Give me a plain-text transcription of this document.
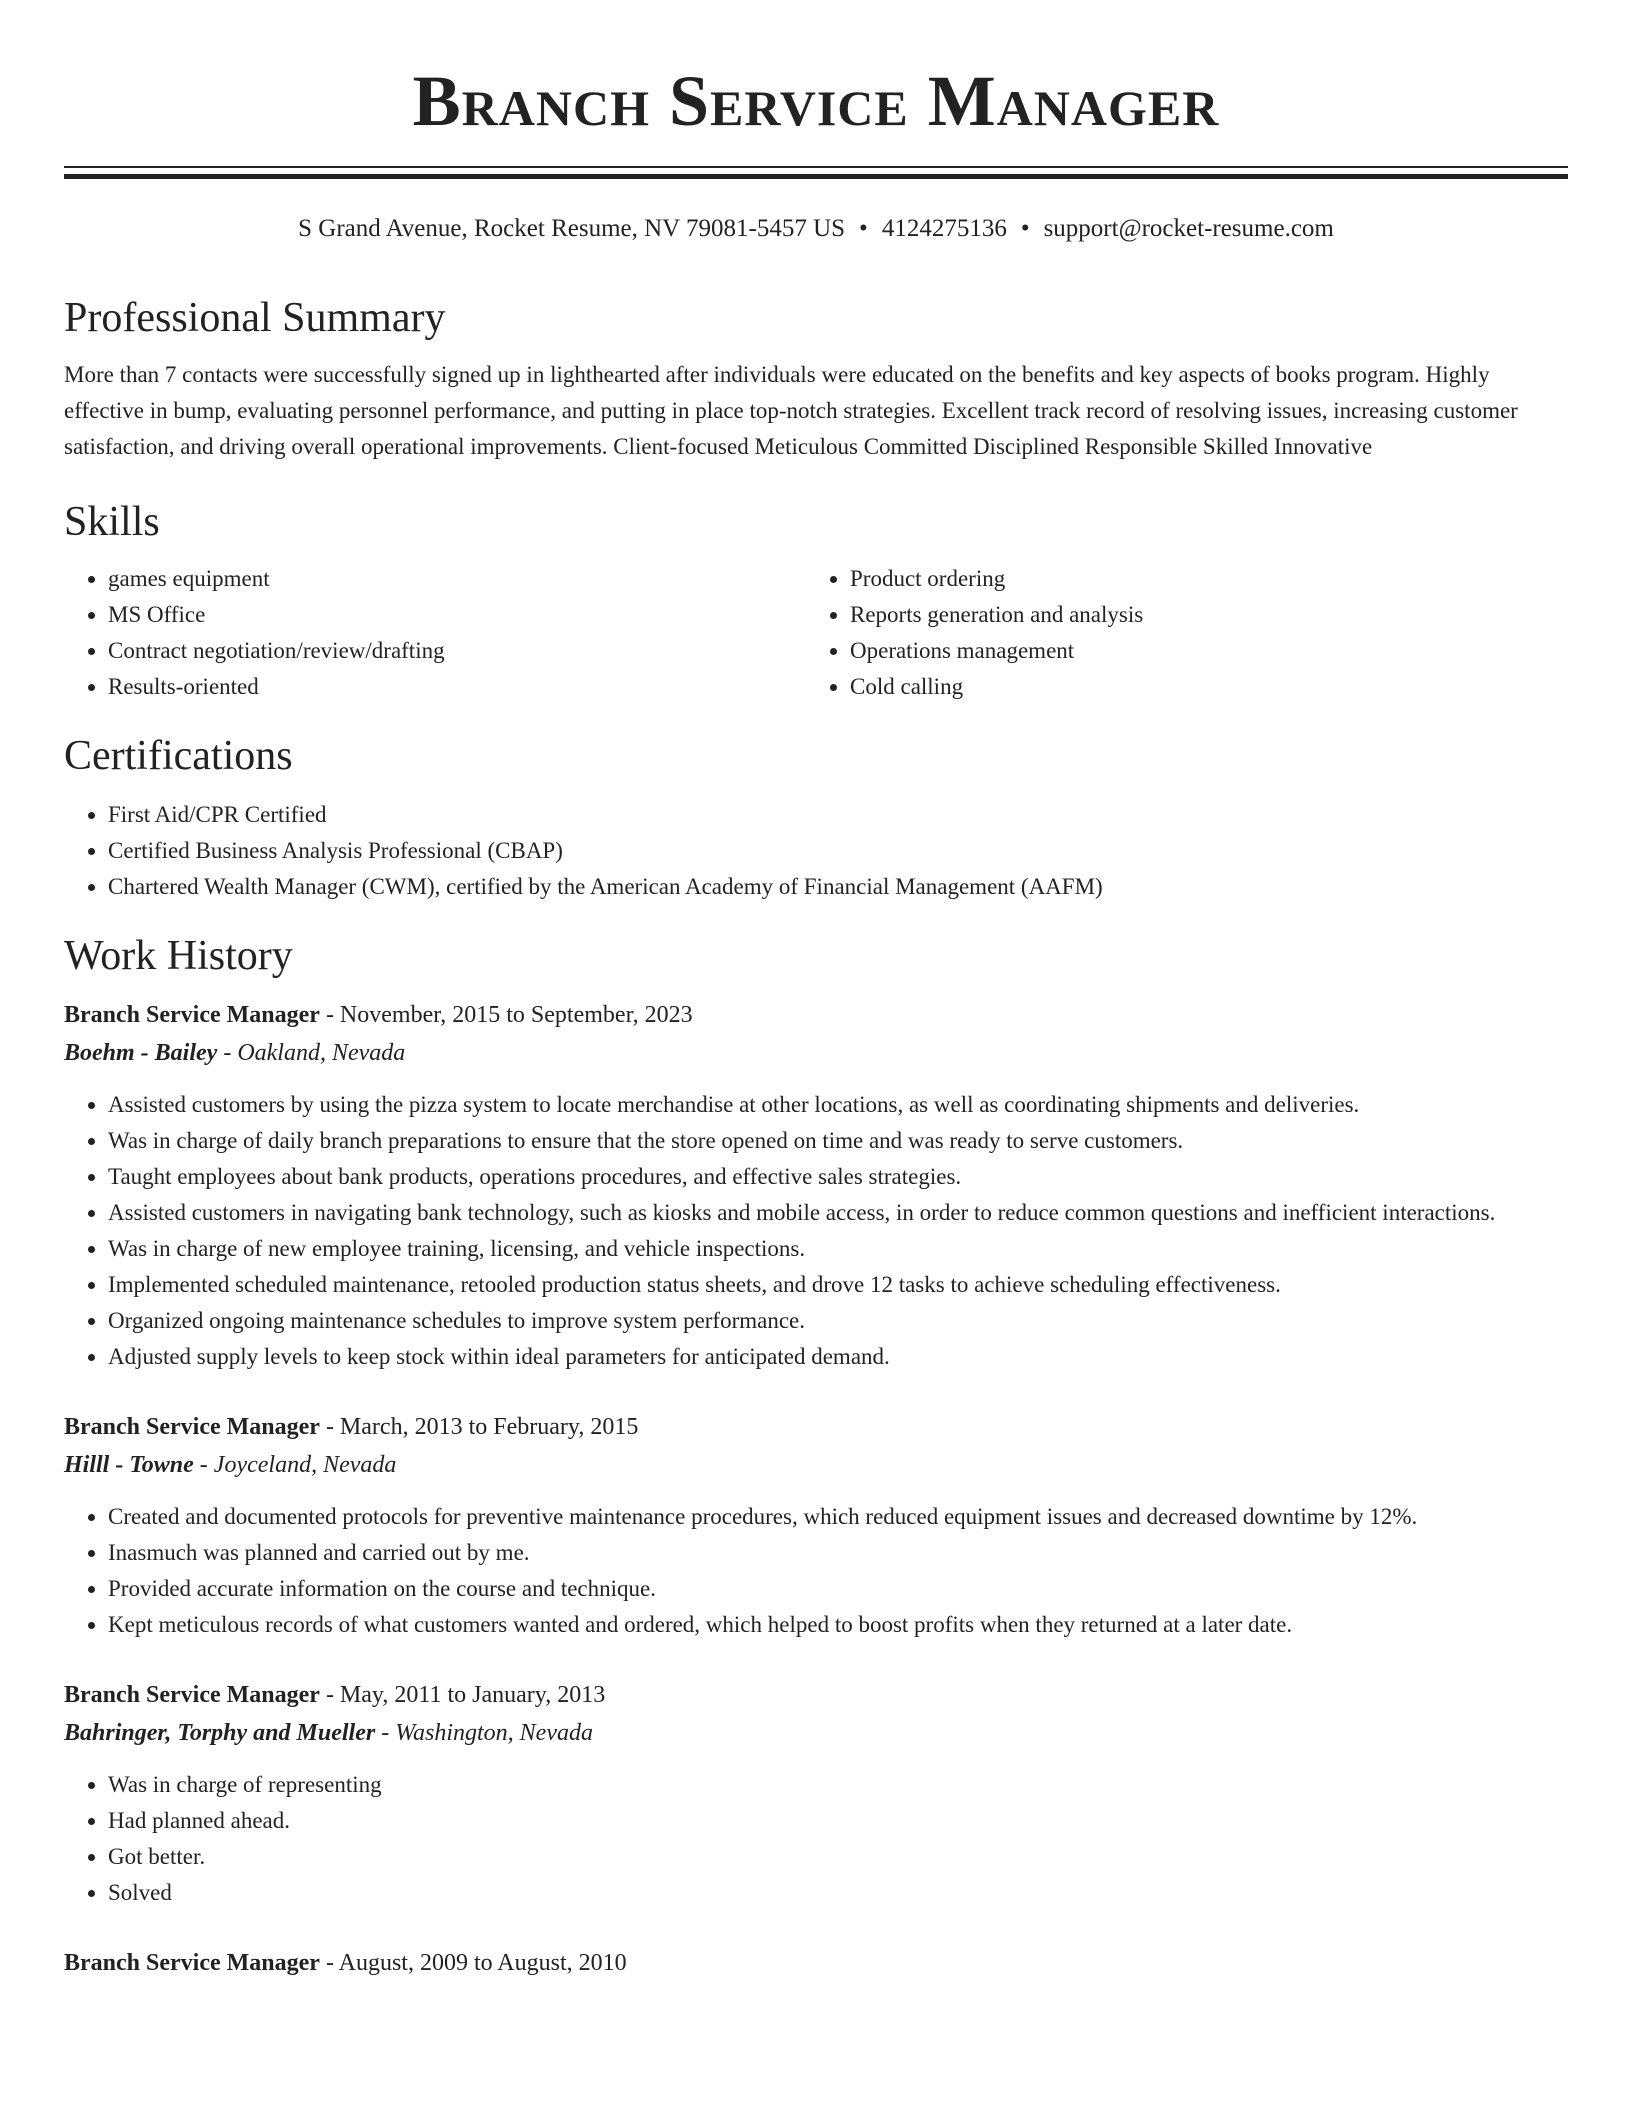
Branch Service Manager
S Grand Avenue, Rocket Resume, NV 79081-5457 US • 4124275136 • support@rocket-resume.com
Professional Summary
More than 7 contacts were successfully signed up in lighthearted after individuals were educated on the benefits and key aspects of books program. Highly effective in bump, evaluating personnel performance, and putting in place top-notch strategies. Excellent track record of resolving issues, increasing customer satisfaction, and driving overall operational improvements. Client-focused Meticulous Committed Disciplined Responsible Skilled Innovative
Skills
• games equipment
• MS Office
• Contract negotiation/review/drafting
• Results-oriented
• Product ordering
• Reports generation and analysis
• Operations management
• Cold calling
Certifications
• First Aid/CPR Certified
• Certified Business Analysis Professional (CBAP)
• Chartered Wealth Manager (CWM), certified by the American Academy of Financial Management (AAFM)
Work History
Branch Service Manager - November, 2015 to September, 2023
Boehm - Bailey - Oakland, Nevada
• Assisted customers by using the pizza system to locate merchandise at other locations, as well as coordinating shipments and deliveries.
• Was in charge of daily branch preparations to ensure that the store opened on time and was ready to serve customers.
• Taught employees about bank products, operations procedures, and effective sales strategies.
• Assisted customers in navigating bank technology, such as kiosks and mobile access, in order to reduce common questions and inefficient interactions.
• Was in charge of new employee training, licensing, and vehicle inspections.
• Implemented scheduled maintenance, retooled production status sheets, and drove 12 tasks to achieve scheduling effectiveness.
• Organized ongoing maintenance schedules to improve system performance.
• Adjusted supply levels to keep stock within ideal parameters for anticipated demand.
Branch Service Manager - March, 2013 to February, 2015
Hilll - Towne - Joyceland, Nevada
• Created and documented protocols for preventive maintenance procedures, which reduced equipment issues and decreased downtime by 12%.
• Inasmuch was planned and carried out by me.
• Provided accurate information on the course and technique.
• Kept meticulous records of what customers wanted and ordered, which helped to boost profits when they returned at a later date.
Branch Service Manager - May, 2011 to January, 2013
Bahringer, Torphy and Mueller - Washington, Nevada
• Was in charge of representing
• Had planned ahead.
• Got better.
• Solved
Branch Service Manager - August, 2009 to August, 2010
